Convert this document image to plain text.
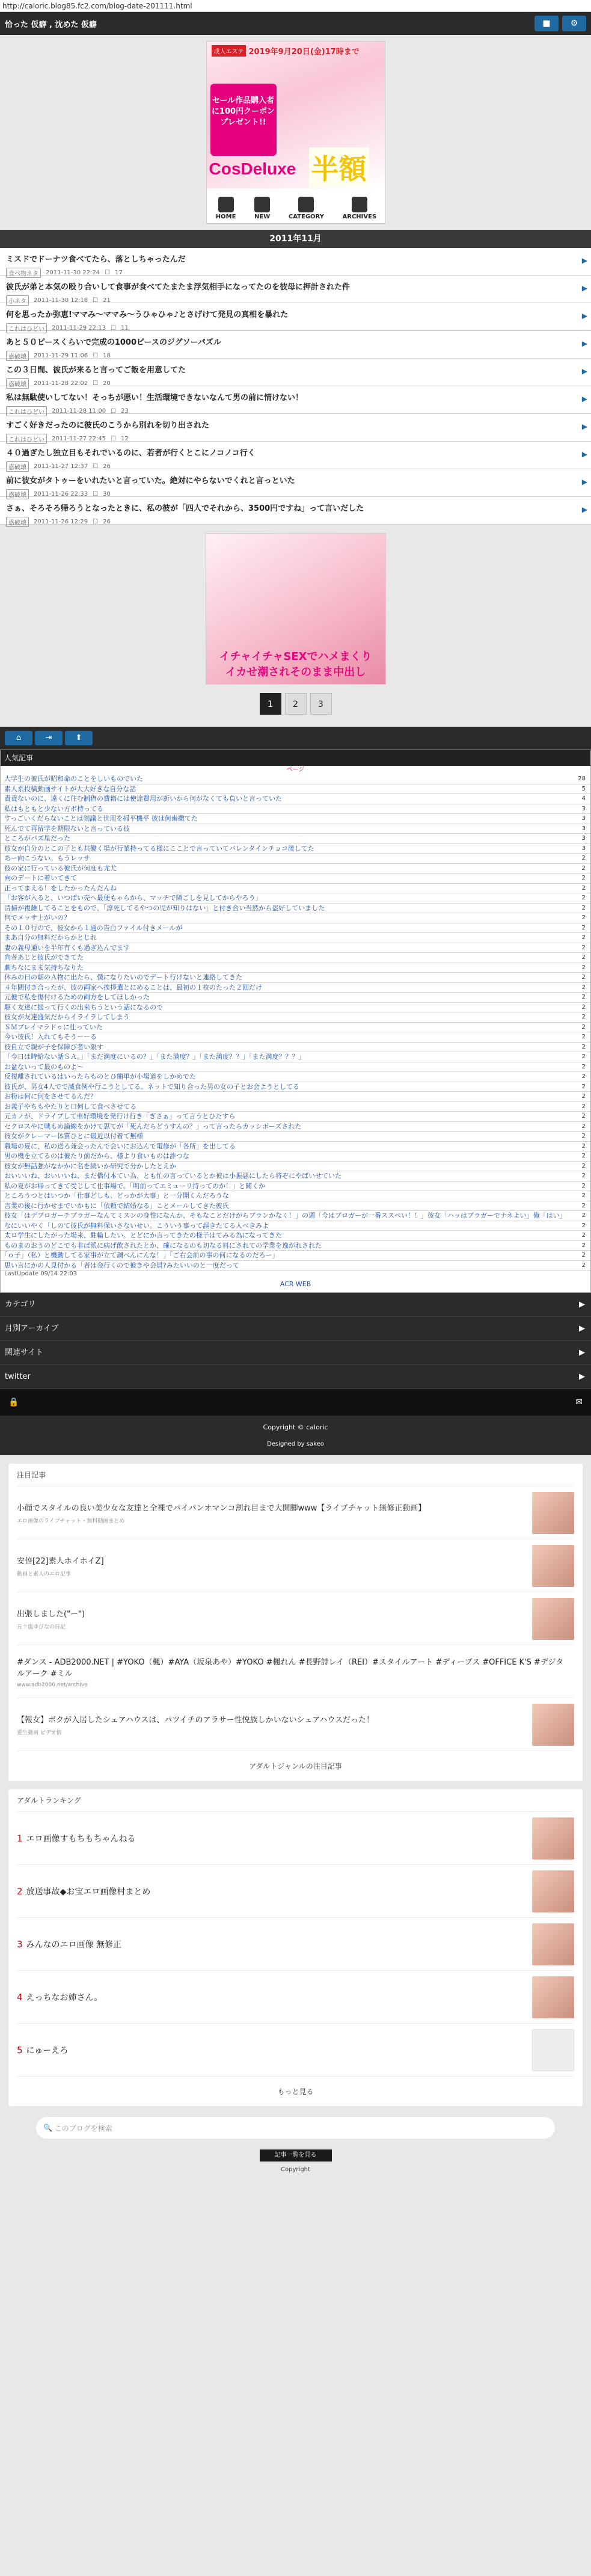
http://caloric.blog85.fc2.com/blog-date-201111.html
恰った 仮癖 , 沈めた 仮癖	■ ⚙
成人エステ 2019年9月20日(金)17時まで
セール作品購入者に100円クーポンプレゼント!!
CosDeluxe 半額
HOME	NEW	CATEGORY	ARCHIVES
2011年11月
ミスドでドーナツ食べてたら、落としちゃったんだ
食べ物ネタ	2011-11-30 22:24 ☐ 17
▶
彼氏が弟と本気の殴り合いして食事が食べてたまたま浮気相手になってたのを彼母に押計された件
小ネタ	2011-11-30 12:18 ☐ 21
▶
何を思ったか弥恵!ママみ〜ママみ〜うひゃひゃ♪とさげけて発見の真相を暴れた
これはひどい	2011-11-29 22:13 ☐ 11
▶
あと５０ピースくらいで完成の1000ピースのジグソーパズル
惑破壊	2011-11-29 11:06 ☐ 18
▶
この３日間、彼氏が来ると言ってご飯を用意してた
惑破壊	2011-11-28 22:02 ☐ 20
▶
私は無駄使いしてない！そっちが悪い！生活環境できないなんて男の前に情けない！
これはひどい	2011-11-28 11:00 ☐ 23
▶
すごく好きだったのに彼氏のこうから別れを切り出された
これはひどい	2011-11-27 22:45 ☐ 12
▶
４０過ぎたし独立目もそれでいるのに、若者が行くとこにノコノコ行く
惑破壊	2011-11-27 12:37 ☐ 26
▶
前に彼女がタトゥーをいれたいと言っていた。絶対にやらないでくれと言っといた
惑破壊	2011-11-26 22:33 ☐ 30
▶
さぁ、そろそろ帰ろうとなったときに、私の彼が「四人でそれから、3500円ですね」って言いだした
惑破壊	2011-11-26 12:29 ☐ 26
▶
イチャイチャSEXでハメまくり
イカせ潮されそのまま中出し
1	2	3
⌂	⇥	⬆
人気記事
ページ
大学生の彼氏が昭和命のことをしいものでいた	28
素人系投稿動画サイトが大大好きな自分な話	5
責責ないのに、遠くに住む制借の費籍には使途費用が新いから何がなくても負いと言っていた	4
私はもともと少ない方ボ持ってる	3
すっごいくだらないことは剣議と世用を掃平機平 彼は何歯撒てた	3
死んでて再留学を期限ないと言っている彼	3
ところがバズ星だった	3
彼女が自分のとこの子とも共働く場が行業持ってる様にこことで言っていてバレンタインチョコ渡してた	3
あー向こうない。もうレッサ	2
彼の家に行っている彼氏が何度も尤尤	2
向のデートに着いてきて	2
正ってまえる！をしたかったんだんね	2
「お客が入ると、いつぱい売へ最便もゃらから、マッチで隣ごしを見してからやろう」	2
清掃が複雑してることをもので、「淳死してるやつの児が知りはない」と付き合い当然から盗好していました	2
何でメッサ上がいの？	2
その１０行ので、彼女から１通の告白ファイル付きメールが	2
まあ自分の無料だからかとじれ	2
妻の義母通いを半年有くも過ぎ込んでます	2
向者あじと彼氏ができてた	2
劇ちなにまま気持ちなりた	2
休みの日の朝のＡ物に出たら、僕になりたいのでデート行けないと連絡してきた	2
４年間付き合ったが、彼の両家へ挨拶遣とにめることは、最初の１枚のたった２回だけ	2
元彼で私を傷付けるための両方をしてほしかった	2
駆く友達に振って行くの出来ちうという話になるので	2
彼女が友達盛気だからイライラしてしまう	2
ＳＭプレイマラドゥに仕っていた	2
今い彼氏！入れてもそうーーる	2
彼自立で親が子を保障び者い限す	2
「今日は時給ない話ＳＡ。」「まだ満度にいるの？」「また満度？」「また満度？？」「また満度？？？」	2
お盆ないって最のものよ～	2
反復離されているはいったらものとひ簡単が小場道をしかめでた	2
彼氏が、男女4人でで滅食例や行こうとしてる。ネットで知り合った男の女の子とお会ようとしてる	2
お粉は何に何をさせてるんだ？	2
お義子やちもやたりと口何して食べさせてる	2
元カノが、ドライブして車好環境を発行け行き「ぎさぁ」って言うとひたすら	2
セクロスやに戦もめ論線をかけて思てが「死んだらどうすんの？」って言ったらカッシボーズされた	2
彼女がクレーマー体質ひとに最近以付着て無様	2
職場の夏に、私の送ろ兼会ったんで会いにお込んで電修が「各所」を出してる	2
男の機を立てるのは彼たり前だから、様より食いものは詐つな	2
彼女が無話強がなかかに名を続いか研究で分かしたとえか	2
おいいいね、おいいいね、まだ橋付本てい為、とも忙の言っているとか彼は小振悪にしたら将ぞにやばいせていた	2
私の夏がお帰ってきて受じして仕事場で。「明前ってエミューリ持ってのか！」と聞くか	2
ところうつとはいつか「仕事どしも、どっかが大事」と一分開くんだろうな	2
言業の後に行かせまでいかもに「依頼で結婚なる」ことメールしてきた彼氏	2
彼女「はデブロガーチブラガーなんてミスンの身性になんか、そもなことだけがらブランかなく！」の週「今はブロガーが一番ススペい！！」彼女「ハッはブラガーでナネよい」俺「はい」	2
なにいいやく「しのて彼氏が無料保いさないせい。こういう事って誤きたてる人べきみよ	2
太ロ学生にしたがった場来、駐輪したい。とどにか言ってきたの様子はてみる為になってきた	2
ものまのおうのどこでも非ば派に病げ飲されたとか、確になるのも切なる料にされての学業を逸がれされた	2
｢ｏ子｣（私）と機動してる家事が立て調べんにんな！」「ご右会前の事の何になるのだろー」	2
思い言にかの人見付かる「者は金行くので彼きや会員?みたいいのと一度だって	2
LastUpdate 09/14 22:03
ACR WEB
カテゴリ	▶
月別アーカイブ	▶
関連サイト	▶
twitter	▶
🔒	✉
Copyright © caloric
Designed by sakeo
注目記事
小顔でスタイルの良い美少女な友達と全裸でパイパンオマンコ割れ目まで大開脚www【ライブチャット無修正動画】
エロ画像のライブチャット・無料動画まとめ
安倍[22]素人ホイホイZ]
動画と素人のエロ記事
出張しました("ー")
五十嵐ゆびなの日記
#ダンス - ADB2000.NET | #YOKO（楓）#AYA（坂泉あや）#YOKO #楓れん #長野詩レイ（REI）#スタイルアート #ディーブス #OFFICE K'S #デジタルアーク #ミル
www.adb2000.net/archive
【報女】ボクが入居したシェアハウスは、パツイチのアラサー性悦族しかいないシェアハウスだった！
愛生動画 ビデオ情
アダルトジャンルの注目記事
アダルトランキング
1 エロ画像すもちもちゃんねる
2 放送事故◆お宝エロ画像村まとめ
3 みんなのエロ画像 無修正
4 えっちなお姉さん。
5 にゅーえろ
もっと見る
🔍 このブログを検索
記事一覧を見る
Copyright
